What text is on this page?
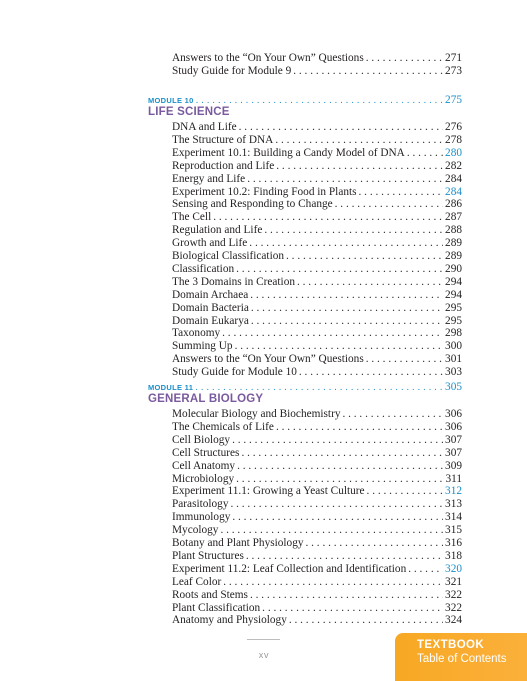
Answers to the “On Your Own” Questions . . .	271
Study Guide for Module 9 . . .	273
MODULE 10 . . .	275
LIFE SCIENCE
DNA and Life . . .	276
The Structure of DNA . . .	278
Experiment 10.1: Building a Candy Model of DNA . . .	280
Reproduction and Life . . .	282
Energy and Life . . .	284
Experiment 10.2: Finding Food in Plants . . .	284
Sensing and Responding to Change . . .	286
The Cell . . .	287
Regulation and Life . . .	288
Growth and Life . . .	289
Biological Classification . . .	289
Classification . . .	290
The 3 Domains in Creation . . .	294
Domain Archaea . . .	294
Domain Bacteria . . .	295
Domain Eukarya . . .	295
Taxonomy . . .	298
Summing Up . . .	300
Answers to the “On Your Own” Questions . . .	301
Study Guide for Module 10 . . .	303
MODULE 11 . . .	305
GENERAL BIOLOGY
Molecular Biology and Biochemistry . . .	306
The Chemicals of Life . . .	306
Cell Biology . . .	307
Cell Structures . . .	307
Cell Anatomy . . .	309
Microbiology . . .	311
Experiment 11.1: Growing a Yeast Culture . . .	312
Parasitology . . .	313
Immunology . . .	314
Mycology . . .	315
Botany and Plant Physiology . . .	316
Plant Structures . . .	318
Experiment 11.2: Leaf Collection and Identification . . .	320
Leaf Color . . .	321
Roots and Stems . . .	322
Plant Classification . . .	322
Anatomy and Physiology . . .	324
xv
TEXTBOOK
Table of Contents
